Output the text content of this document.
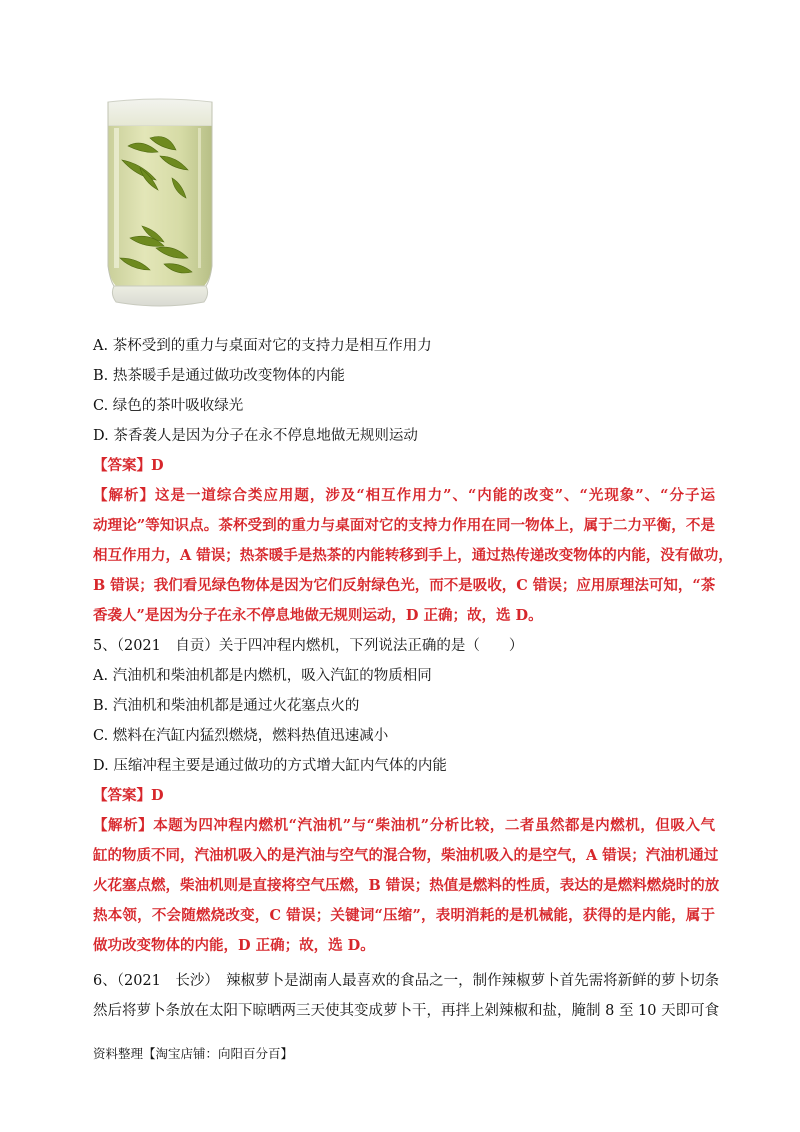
A. 茶杯受到的重力与桌面对它的支持力是相互作用力
B. 热茶暖手是通过做功改变物体的内能
C. 绿色的茶叶吸收绿光
D. 茶香袭人是因为分子在永不停息地做无规则运动
【答案】D
【解析】这是一道综合类应用题，涉及“相互作用力”、“内能的改变”、“光现象”、“分子运
动理论”等知识点。茶杯受到的重力与桌面对它的支持力作用在同一物体上，属于二力平衡，不是
相互作用力，A 错误；热茶暖手是热茶的内能转移到手上，通过热传递改变物体的内能，没有做功，
B 错误；我们看见绿色物体是因为它们反射绿色光，而不是吸收，C 错误；应用原理法可知，“茶
香袭人”是因为分子在永不停息地做无规则运动，D 正确；故，选 D。
5、（2021　自贡）关于四冲程内燃机，下列说法正确的是（　　）
A. 汽油机和柴油机都是内燃机，吸入汽缸的物质相同
B. 汽油机和柴油机都是通过火花塞点火的
C. 燃料在汽缸内猛烈燃烧，燃料热值迅速减小
D. 压缩冲程主要是通过做功的方式增大缸内气体的内能
【答案】D
【解析】本题为四冲程内燃机“汽油机”与“柴油机”分析比较，二者虽然都是内燃机，但吸入气
缸的物质不同，汽油机吸入的是汽油与空气的混合物，柴油机吸入的是空气，A 错误；汽油机通过
火花塞点燃，柴油机则是直接将空气压燃，B 错误；热值是燃料的性质，表达的是燃料燃烧时的放
热本领，不会随燃烧改变，C 错误；关键词“压缩”，表明消耗的是机械能，获得的是内能，属于
做功改变物体的内能，D 正确；故，选 D。
6、（2021　长沙）　辣椒萝卜是湖南人最喜欢的食品之一，制作辣椒萝卜首先需将新鲜的萝卜切条
然后将萝卜条放在太阳下晾晒两三天使其变成萝卜干，再拌上剁辣椒和盐，腌制 8 至 10 天即可食
资料整理【淘宝店铺：向阳百分百】
